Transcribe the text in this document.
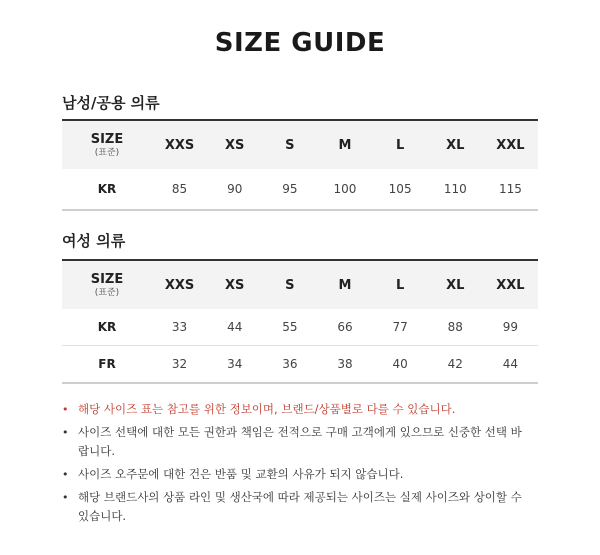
SIZE GUIDE
남성/공용 의류
SIZE
(표준)	XXS	XS	S	M	L	XL	XXL
KR	85	90	95	100	105	110	115
여성 의류
SIZE
(표준)	XXS	XS	S	M	L	XL	XXL
KR	33	44	55	66	77	88	99
FR	32	34	36	38	40	42	44
• 해당 사이즈 표는 참고를 위한 정보이며, 브랜드/상품별로 다를 수 있습니다.
• 사이즈 선택에 대한 모든 권한과 책임은 전적으로 구매 고객에게 있으므로 신중한 선택 바랍니다.
• 사이즈 오주문에 대한 건은 반품 및 교환의 사유가 되지 않습니다.
• 해당 브랜드사의 상품 라인 및 생산국에 따라 제공되는 사이즈는 실제 사이즈와 상이할 수 있습니다.
